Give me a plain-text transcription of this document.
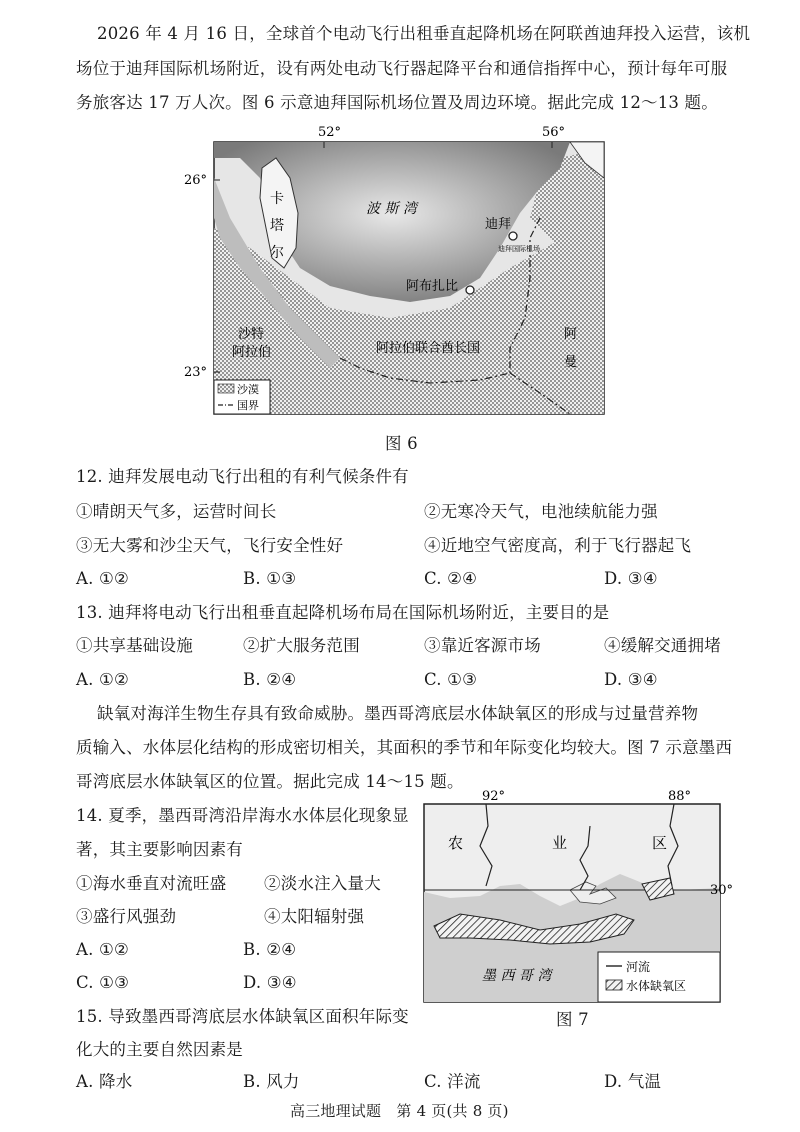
2026 年 4 月 16 日，全球首个电动飞行出租垂直起降机场在阿联酋迪拜投入运营，该机
场位于迪拜国际机场附近，设有两处电动飞行器起降平台和通信指挥中心，预计每年可服
务旅客达 17 万人次。图 6 示意迪拜国际机场位置及周边环境。据此完成 12～13 题。
52°	56°
26°
23°
卡
塔
尔
波 斯 湾
迪拜
迪拜国际机场
阿布扎比
沙特
阿拉伯	阿拉伯联合酋长国
阿
曼
沙漠
国界
图 6
12. 迪拜发展电动飞行出租的有利气候条件有
①晴朗天气多，运营时间长	②无寒冷天气，电池续航能力强
③无大雾和沙尘天气，飞行安全性好	④近地空气密度高，利于飞行器起飞
A. ①②	B. ①③	C. ②④	D. ③④
13. 迪拜将电动飞行出租垂直起降机场布局在国际机场附近，主要目的是
①共享基础设施	②扩大服务范围	③靠近客源市场	④缓解交通拥堵
A. ①②	B. ②④	C. ①③	D. ③④
缺氧对海洋生物生存具有致命威胁。墨西哥湾底层水体缺氧区的形成与过量营养物
质输入、水体层化结构的形成密切相关，其面积的季节和年际变化均较大。图 7 示意墨西
哥湾底层水体缺氧区的位置。据此完成 14～15 题。
14. 夏季，墨西哥湾沿岸海水水体层化现象显
著，其主要影响因素有
①海水垂直对流旺盛 ②淡水注入量大
③盛行风强劲	④太阳辐射强
A. ①②	B. ②④
C. ①③	D. ③④
92°	88°
30°
农	业	区
墨 西 哥 湾
河流
水体缺氧区
图 7
15. 导致墨西哥湾底层水体缺氧区面积年际变
化大的主要自然因素是
A. 降水	B. 风力	C. 洋流	D. 气温
高三地理试题　第 4 页(共 8 页)
